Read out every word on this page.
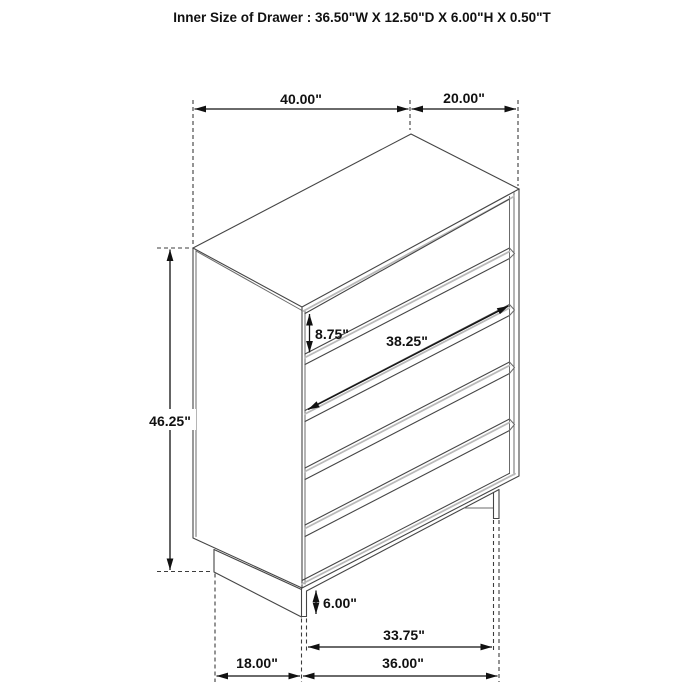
Inner Size of Drawer : 36.50"W X 12.50"D X 6.00"H X 0.50"T
40.00"	20.00"
46.25"
8.75"	38.25"
6.00"
33.75"
18.00"	36.00"
